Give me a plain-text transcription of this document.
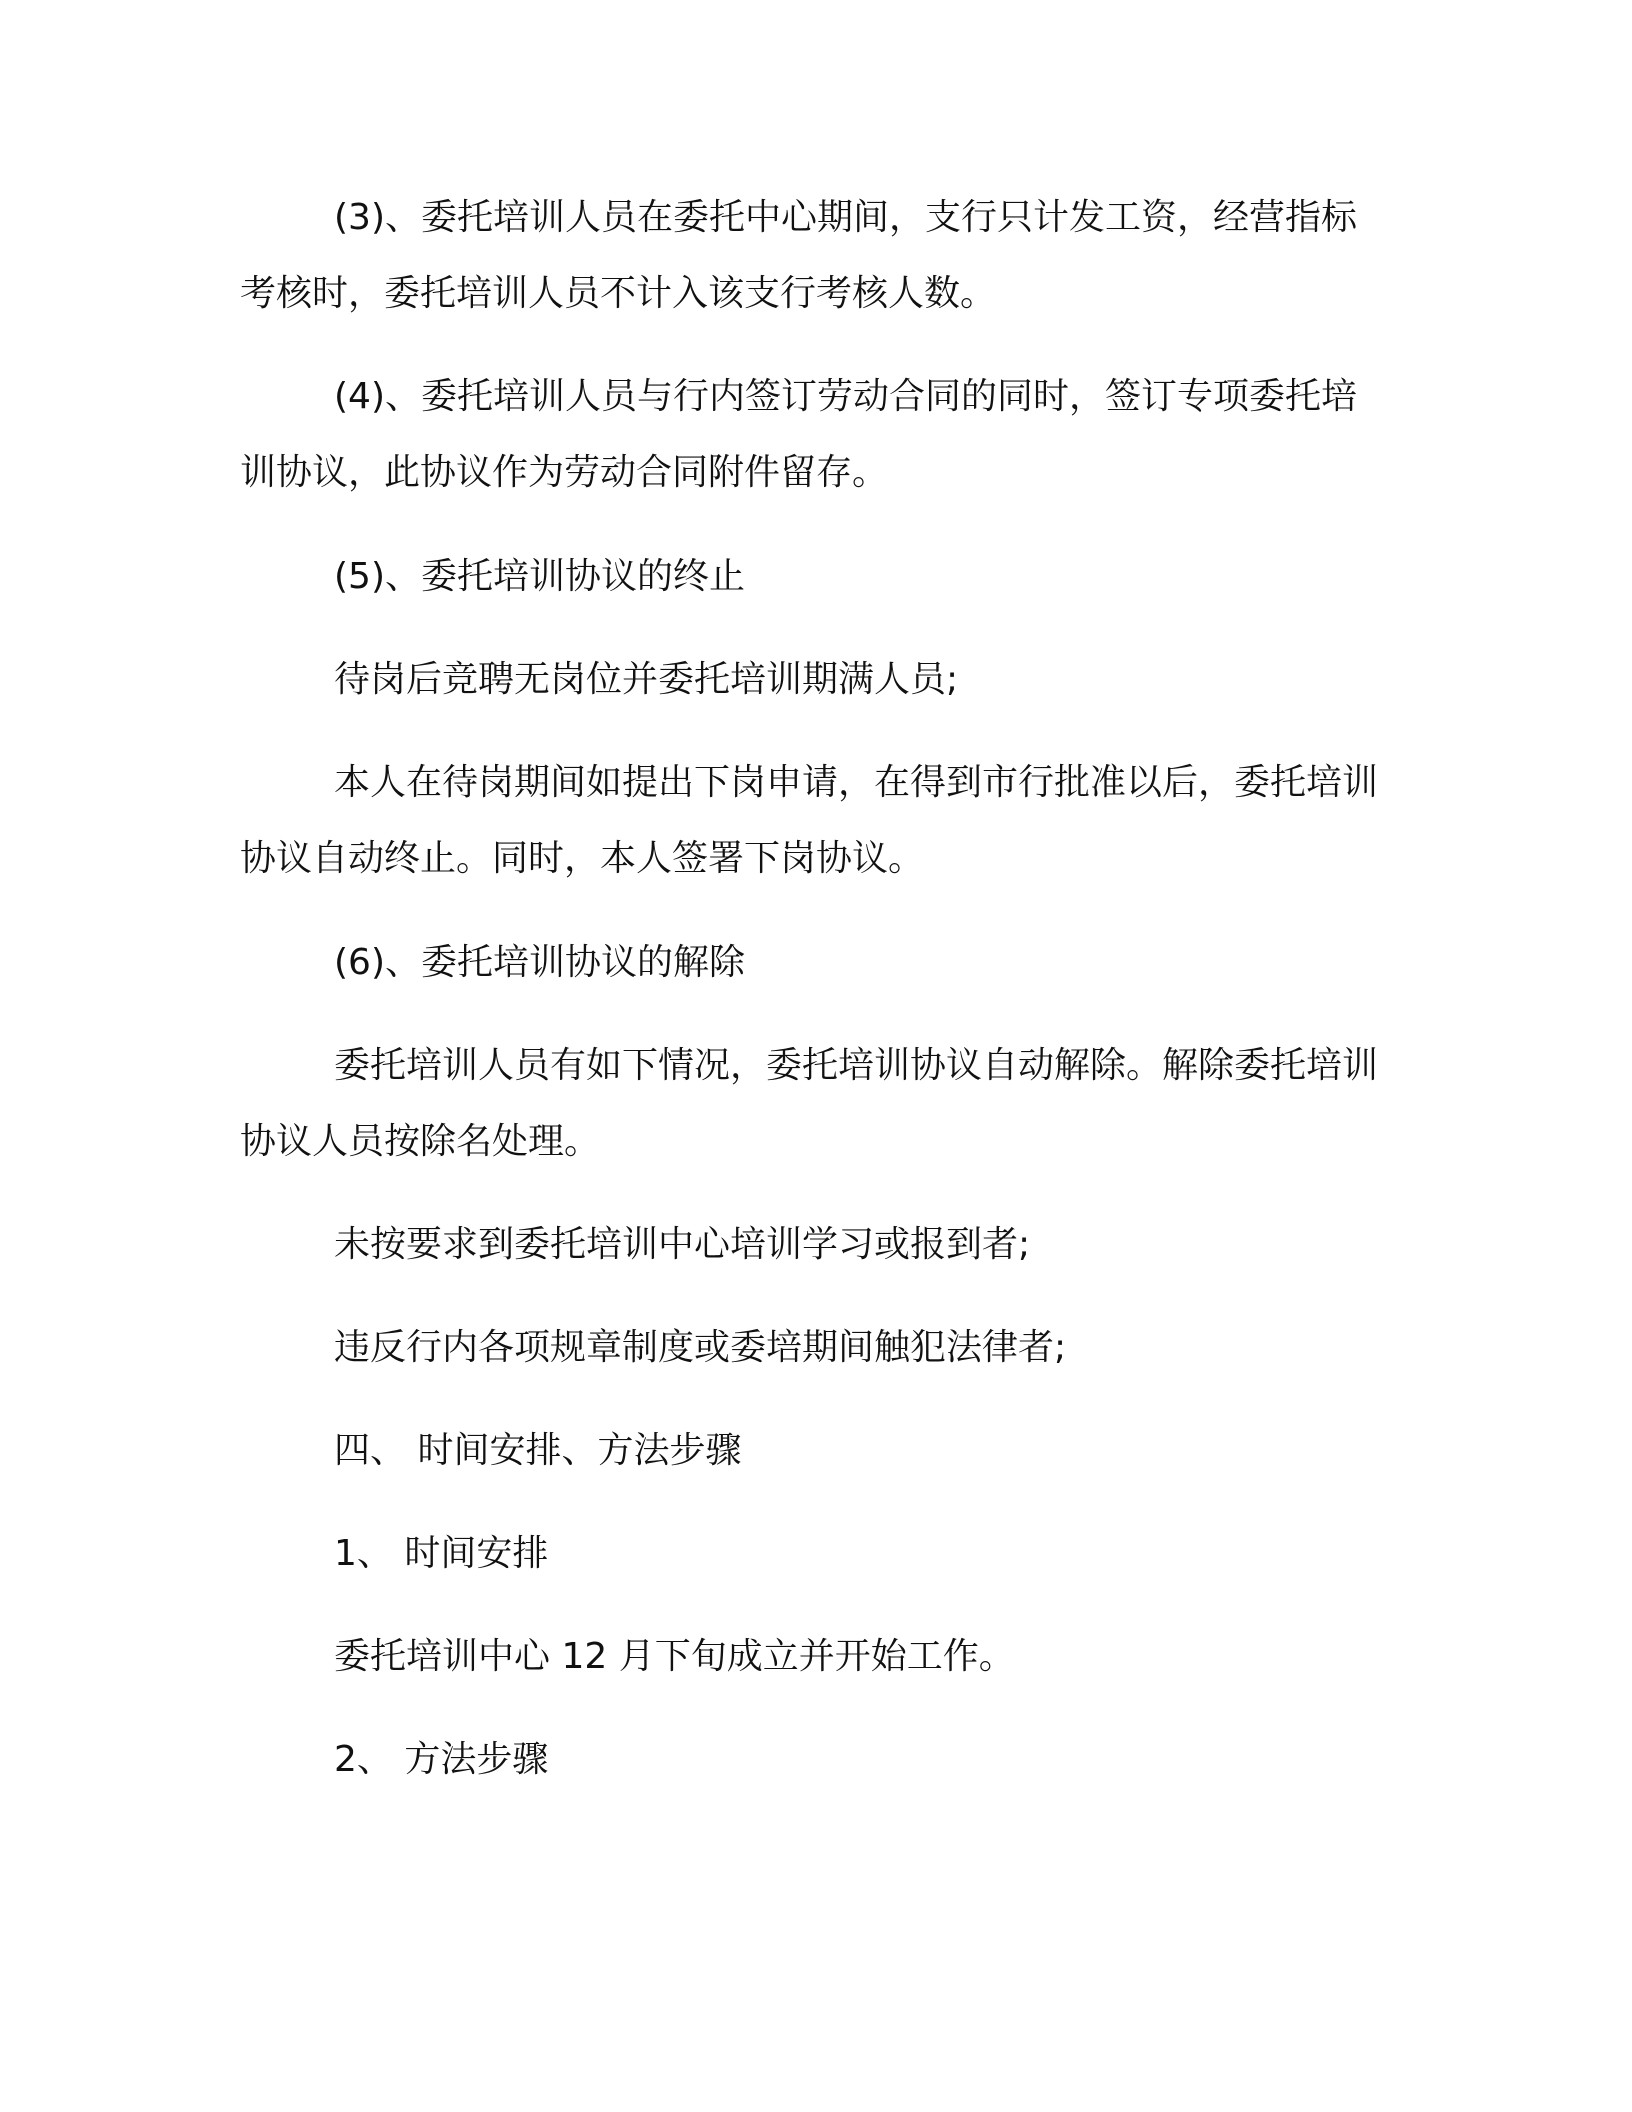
(3)、委托培训人员在委托中心期间，支行只计发工资，经营指标考核时，委托培训人员不计入该支行考核人数。

(4)、委托培训人员与行内签订劳动合同的同时，签订专项委托培训协议，此协议作为劳动合同附件留存。

(5)、委托培训协议的终止

待岗后竞聘无岗位并委托培训期满人员;

本人在待岗期间如提出下岗申请，在得到市行批准以后，委托培训协议自动终止。同时，本人签署下岗协议。

(6)、委托培训协议的解除

委托培训人员有如下情况，委托培训协议自动解除。解除委托培训协议人员按除名处理。

未按要求到委托培训中心培训学习或报到者;

违反行内各项规章制度或委培期间触犯法律者;

四、 时间安排、方法步骤

1、 时间安排

委托培训中心 12 月下旬成立并开始工作。

2、 方法步骤
